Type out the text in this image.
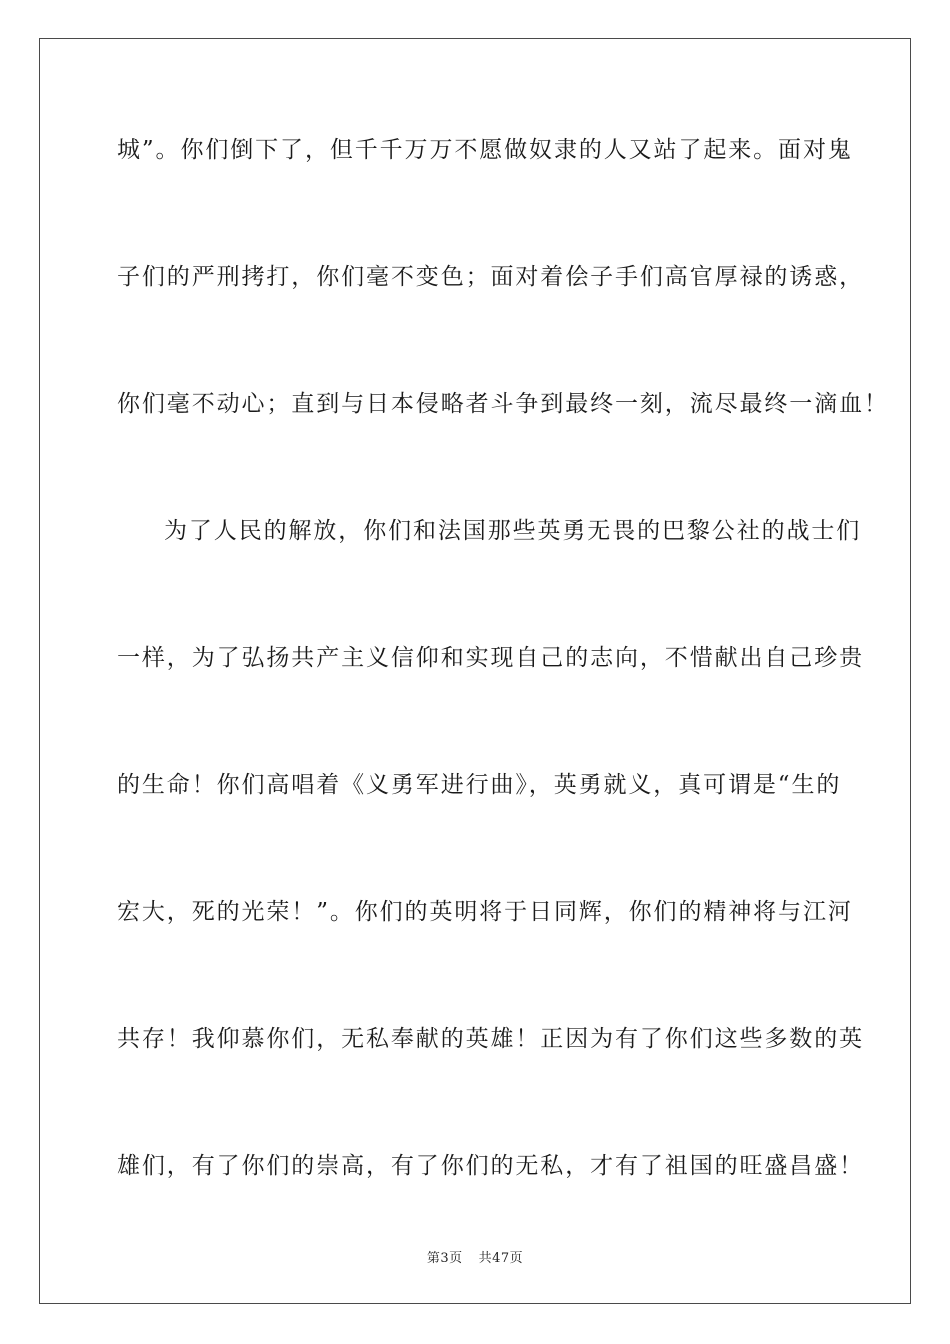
城”。你们倒下了，但千千万万不愿做奴隶的人又站了起来。面对鬼
子们的严刑拷打，你们毫不变色；面对着侩子手们高官厚禄的诱惑，
你们毫不动心；直到与日本侵略者斗争到最终一刻，流尽最终一滴血！
为了人民的解放，你们和法国那些英勇无畏的巴黎公社的战士们
一样，为了弘扬共产主义信仰和实现自己的志向，不惜献出自己珍贵
的生命！你们高唱着《义勇军进行曲》，英勇就义，真可谓是“生的
宏大，死的光荣！”。你们的英明将于日同辉，你们的精神将与江河
共存！我仰慕你们，无私奉献的英雄！正因为有了你们这些多数的英
雄们，有了你们的崇高，有了你们的无私，才有了祖国的旺盛昌盛！
第3页 共47页
